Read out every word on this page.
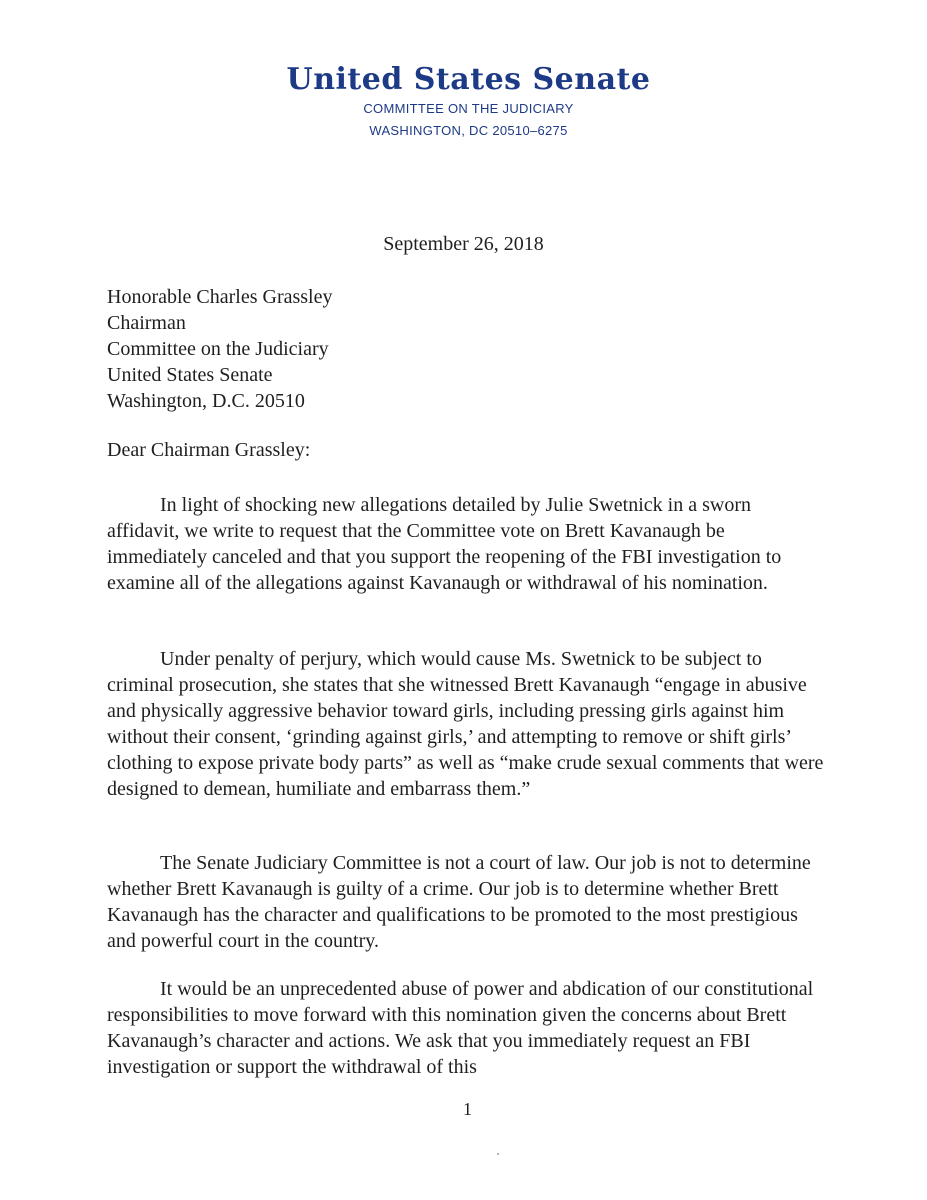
United States Senate
COMMITTEE ON THE JUDICIARY
WASHINGTON, DC 20510–6275
September 26, 2018
Honorable Charles Grassley
Chairman
Committee on the Judiciary
United States Senate
Washington, D.C. 20510
Dear Chairman Grassley:

In light of shocking new allegations detailed by Julie Swetnick in a sworn affidavit, we write to request that the Committee vote on Brett Kavanaugh be immediately canceled and that you support the reopening of the FBI investigation to examine all of the allegations against Kavanaugh or withdrawal of his nomination.

Under penalty of perjury, which would cause Ms. Swetnick to be subject to criminal prosecution, she states that she witnessed Brett Kavanaugh “engage in abusive and physically aggressive behavior toward girls, including pressing girls against him without their consent, ‘grinding against girls,’ and attempting to remove or shift girls’ clothing to expose private body parts” as well as “make crude sexual comments that were designed to demean, humiliate and embarrass them.”

The Senate Judiciary Committee is not a court of law. Our job is not to determine whether Brett Kavanaugh is guilty of a crime. Our job is to determine whether Brett Kavanaugh has the character and qualifications to be promoted to the most prestigious and powerful court in the country.

It would be an unprecedented abuse of power and abdication of our constitutional responsibilities to move forward with this nomination given the concerns about Brett Kavanaugh’s character and actions. We ask that you immediately request an FBI investigation or support the withdrawal of this

1
